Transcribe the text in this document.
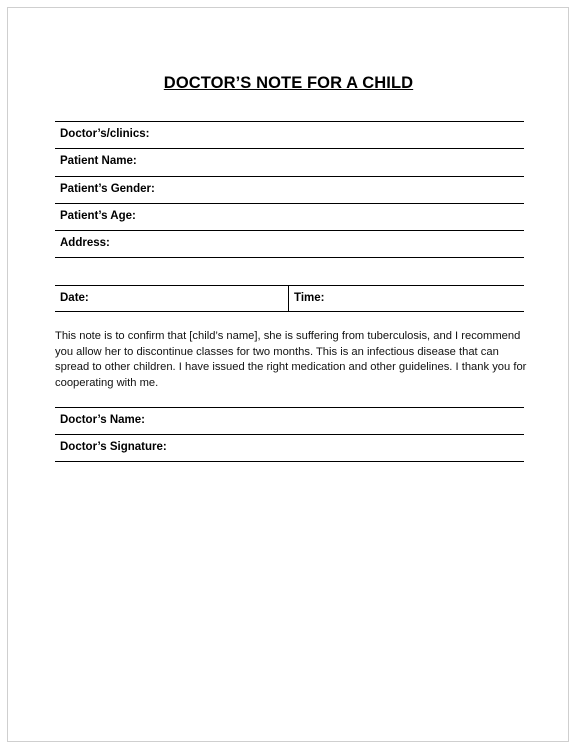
DOCTOR’S NOTE FOR A CHILD
Doctor’s/clinics:
Patient Name:
Patient’s Gender:
Patient’s Age:
Address:
Date:	Time:
This note is to confirm that [child’s name], she is suffering from tuberculosis, and I recommend you allow her to discontinue classes for two months. This is an infectious disease that can spread to other children. I have issued the right medication and other guidelines. I thank you for cooperating with me.
Doctor’s Name:
Doctor’s Signature:
